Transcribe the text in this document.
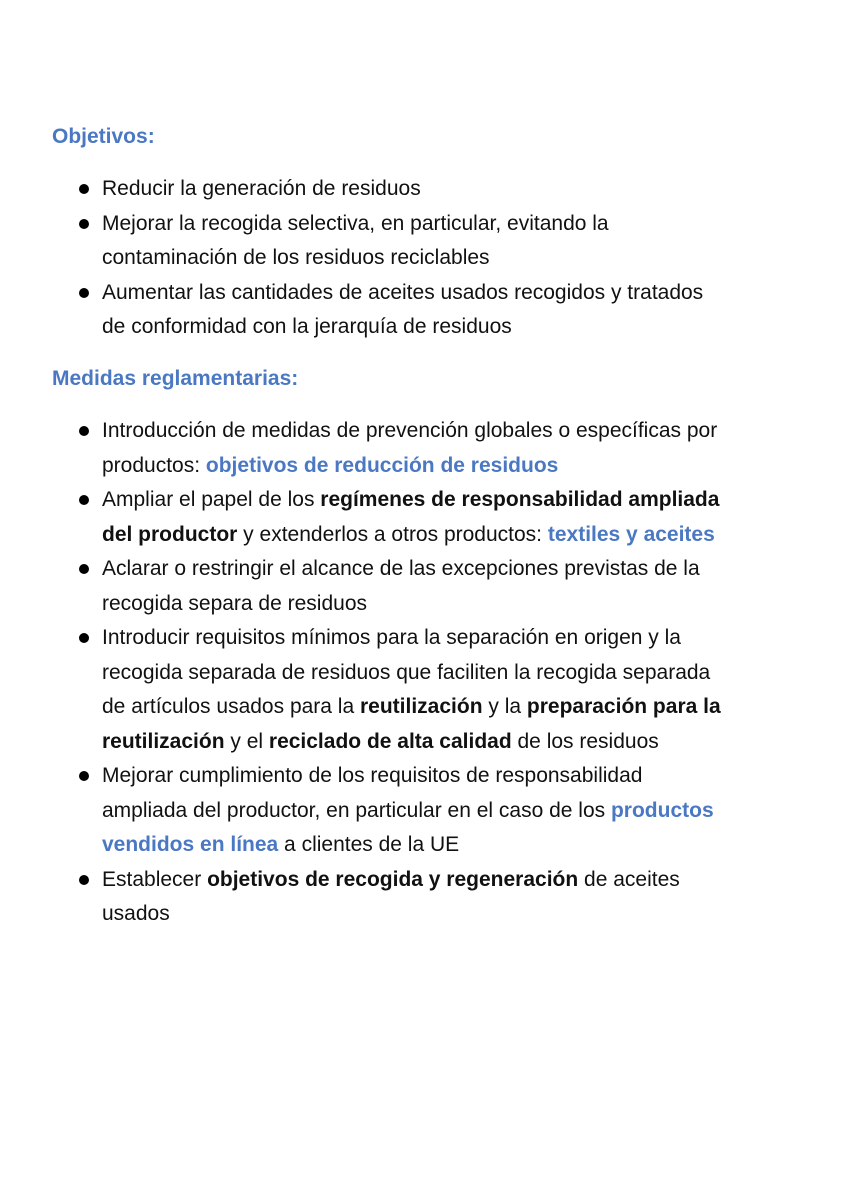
Objetivos:
Reducir la generación de residuos
Mejorar la recogida selectiva, en particular, evitando la
contaminación de los residuos reciclables
Aumentar las cantidades de aceites usados recogidos y tratados
de conformidad con la jerarquía de residuos
Medidas reglamentarias:
Introducción de medidas de prevención globales o específicas por
productos: objetivos de reducción de residuos
Ampliar el papel de los regímenes de responsabilidad ampliada
del productor y extenderlos a otros productos: textiles y aceites
Aclarar o restringir el alcance de las excepciones previstas de la
recogida separa de residuos
Introducir requisitos mínimos para la separación en origen y la
recogida separada de residuos que faciliten la recogida separada
de artículos usados para la reutilización y la preparación para la
reutilización y el reciclado de alta calidad de los residuos
Mejorar cumplimiento de los requisitos de responsabilidad
ampliada del productor, en particular en el caso de los productos
vendidos en línea a clientes de la UE
Establecer objetivos de recogida y regeneración de aceites
usados
